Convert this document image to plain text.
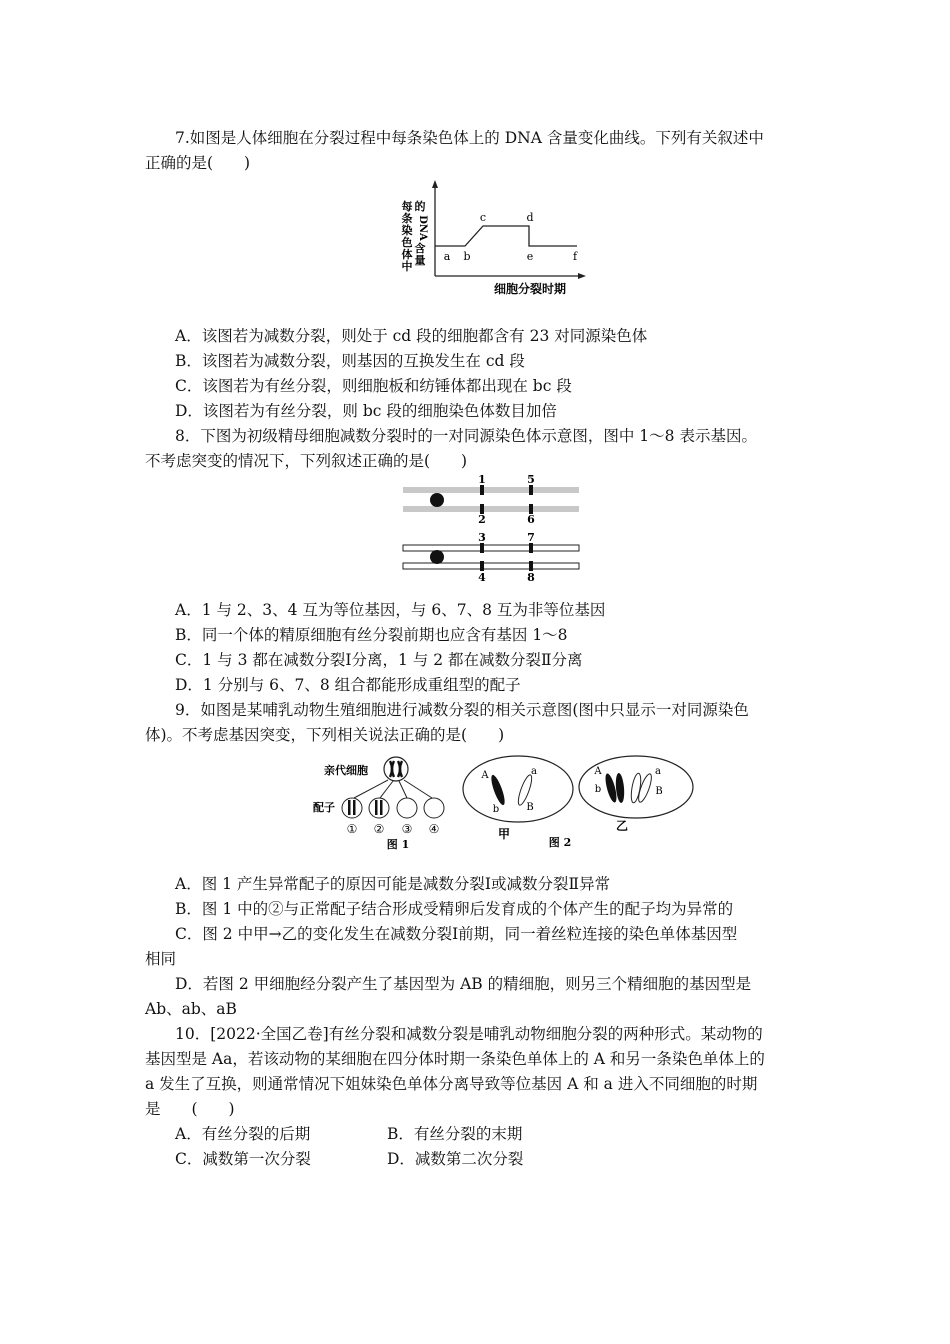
7.如图是人体细胞在分裂过程中每条染色体上的 DNA 含量变化曲线。下列有关叙述中
正确的是(　　)
每
条
染
色
体
中
的
DNA
含
量 a b
c	d
e	f
细胞分裂时期
A．该图若为减数分裂，则处于 cd 段的细胞都含有 23 对同源染色体
B．该图若为减数分裂，则基因的互换发生在 cd 段
C．该图若为有丝分裂，则细胞板和纺锤体都出现在 bc 段
D．该图若为有丝分裂，则 bc 段的细胞染色体数目加倍
8．下图为初级精母细胞减数分裂时的一对同源染色体示意图，图中 1～8 表示基因。
不考虑突变的情况下，下列叙述正确的是(　　)
1
2
3
4
5
6
7
8
A．1 与 2、3、4 互为等位基因，与 6、7、8 互为非等位基因
B．同一个体的精原细胞有丝分裂前期也应含有基因 1～8
C．1 与 3 都在减数分裂Ⅰ分离，1 与 2 都在减数分裂Ⅱ分离
D．1 分别与 6、7、8 组合都能形成重组型的配子
9．如图是某哺乳动物生殖细胞进行减数分裂的相关示意图(图中只显示一对同源染色
体)。不考虑基因突变，下列相关说法正确的是(　　)
亲代细胞
配子
① ② ③ ④
图 1
A	a
b	B
甲
A	a
b	B
乙
图 2
A．图 1 产生异常配子的原因可能是减数分裂Ⅰ或减数分裂Ⅱ异常
B．图 1 中的②与正常配子结合形成受精卵后发育成的个体产生的配子均为异常的
C．图 2 中甲→乙的变化发生在减数分裂Ⅰ前期，同一着丝粒连接的染色单体基因型
相同
D．若图 2 甲细胞经分裂产生了基因型为 AB 的精细胞，则另三个精细胞的基因型是
Ab、ab、aB
10．[2022·全国乙卷]有丝分裂和减数分裂是哺乳动物细胞分裂的两种形式。某动物的
基因型是 Aa，若该动物的某细胞在四分体时期一条染色单体上的 A 和另一条染色单体上的
a 发生了互换，则通常情况下姐妹染色单体分离导致等位基因 A 和 a 进入不同细胞的时期
是　　(　　)
A．有丝分裂的后期	B．有丝分裂的末期
C．减数第一次分裂	D．减数第二次分裂
